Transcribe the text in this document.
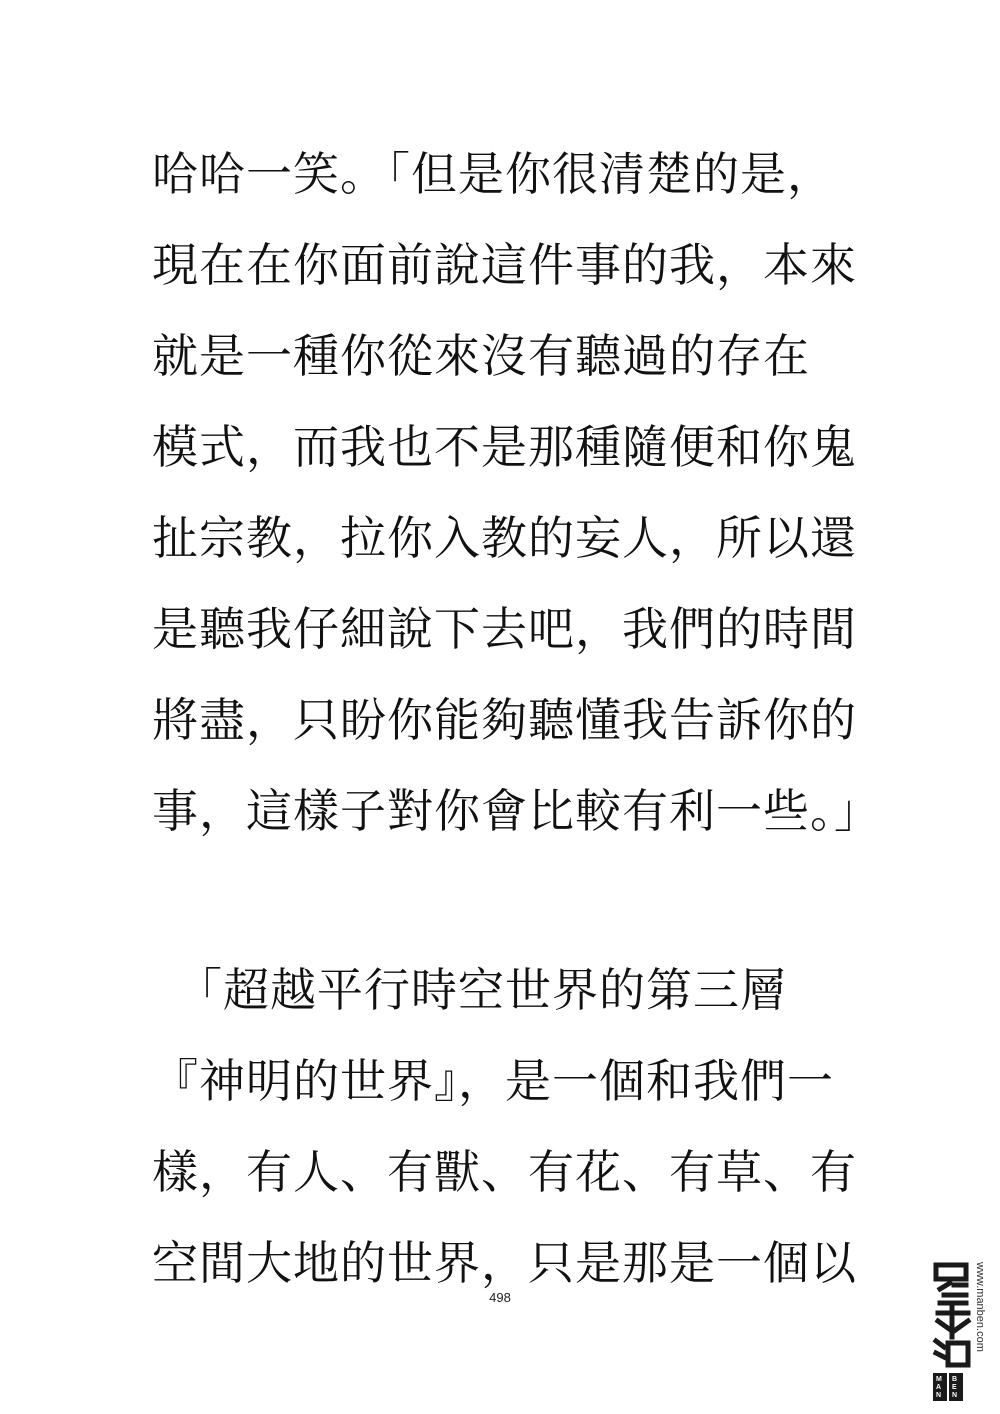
哈哈一笑。「但是你很清楚的是，
現在在你面前說這件事的我，本來
就是一種你從來沒有聽過的存在
模式，而我也不是那種隨便和你鬼
扯宗教，拉你入教的妄人，所以還
是聽我仔細說下去吧，我們的時間
將盡，只盼你能夠聽懂我告訴你的
事，這樣子對你會比較有利一些。」
　「超越平行時空世界的第三層
『神明的世界』，是一個和我們一
樣，有人、有獸、有花、有草、有
空間大地的世界，只是那是一個以
498
M
A
N
B
E
N
www.manben.com
